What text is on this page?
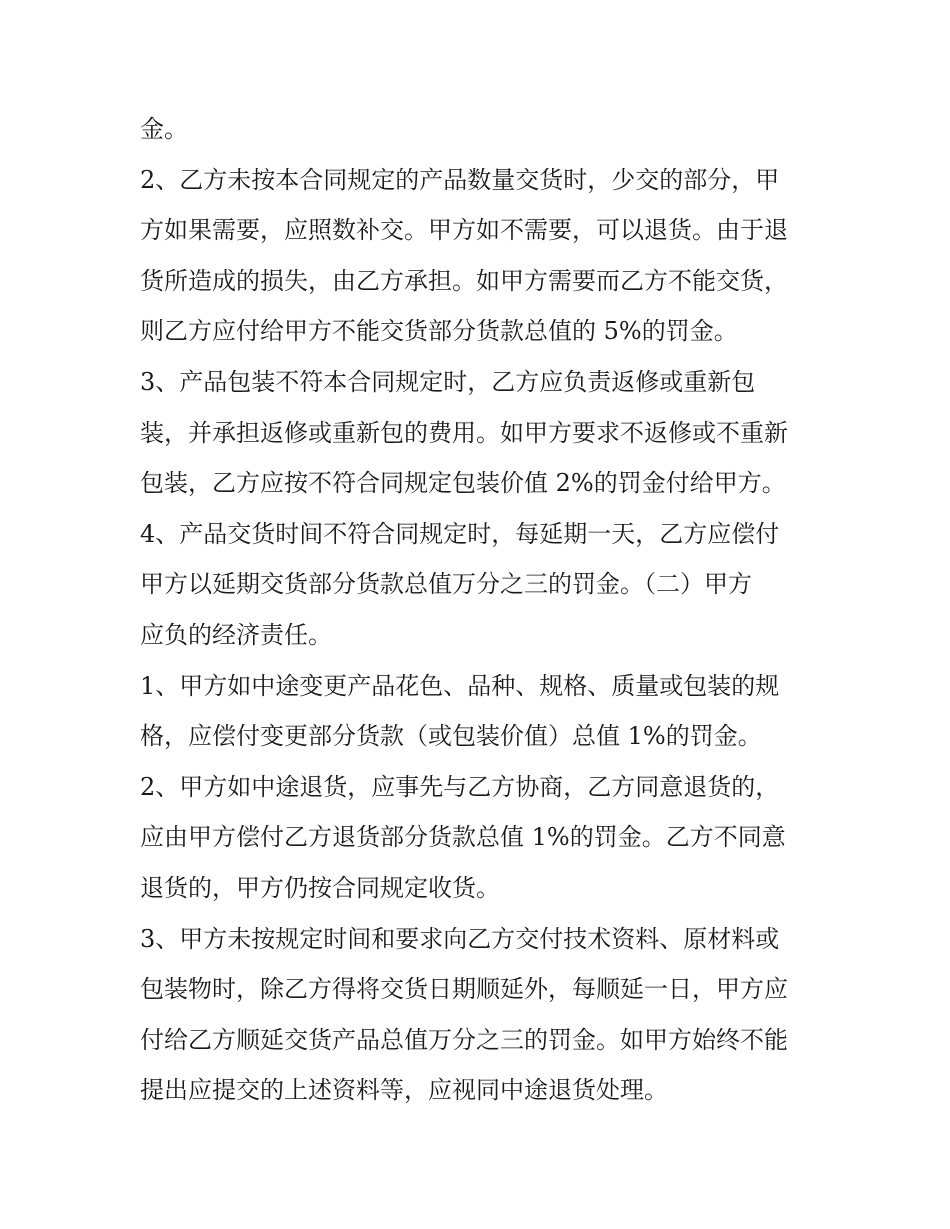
金。
2、乙方未按本合同规定的产品数量交货时，少交的部分，甲
方如果需要，应照数补交。甲方如不需要，可以退货。由于退
货所造成的损失，由乙方承担。如甲方需要而乙方不能交货，
则乙方应付给甲方不能交货部分货款总值的 5%的罚金。
3、产品包装不符本合同规定时，乙方应负责返修或重新包
装，并承担返修或重新包的费用。如甲方要求不返修或不重新
包装，乙方应按不符合同规定包装价值 2%的罚金付给甲方。
4、产品交货时间不符合同规定时，每延期一天，乙方应偿付
甲方以延期交货部分货款总值万分之三的罚金。（二）甲方
应负的经济责任。
1、甲方如中途变更产品花色、品种、规格、质量或包装的规
格，应偿付变更部分货款（或包装价值）总值 1%的罚金。
2、甲方如中途退货，应事先与乙方协商，乙方同意退货的，
应由甲方偿付乙方退货部分货款总值 1%的罚金。乙方不同意
退货的，甲方仍按合同规定收货。
3、甲方未按规定时间和要求向乙方交付技术资料、原材料或
包装物时，除乙方得将交货日期顺延外，每顺延一日，甲方应
付给乙方顺延交货产品总值万分之三的罚金。如甲方始终不能
提出应提交的上述资料等，应视同中途退货处理。
